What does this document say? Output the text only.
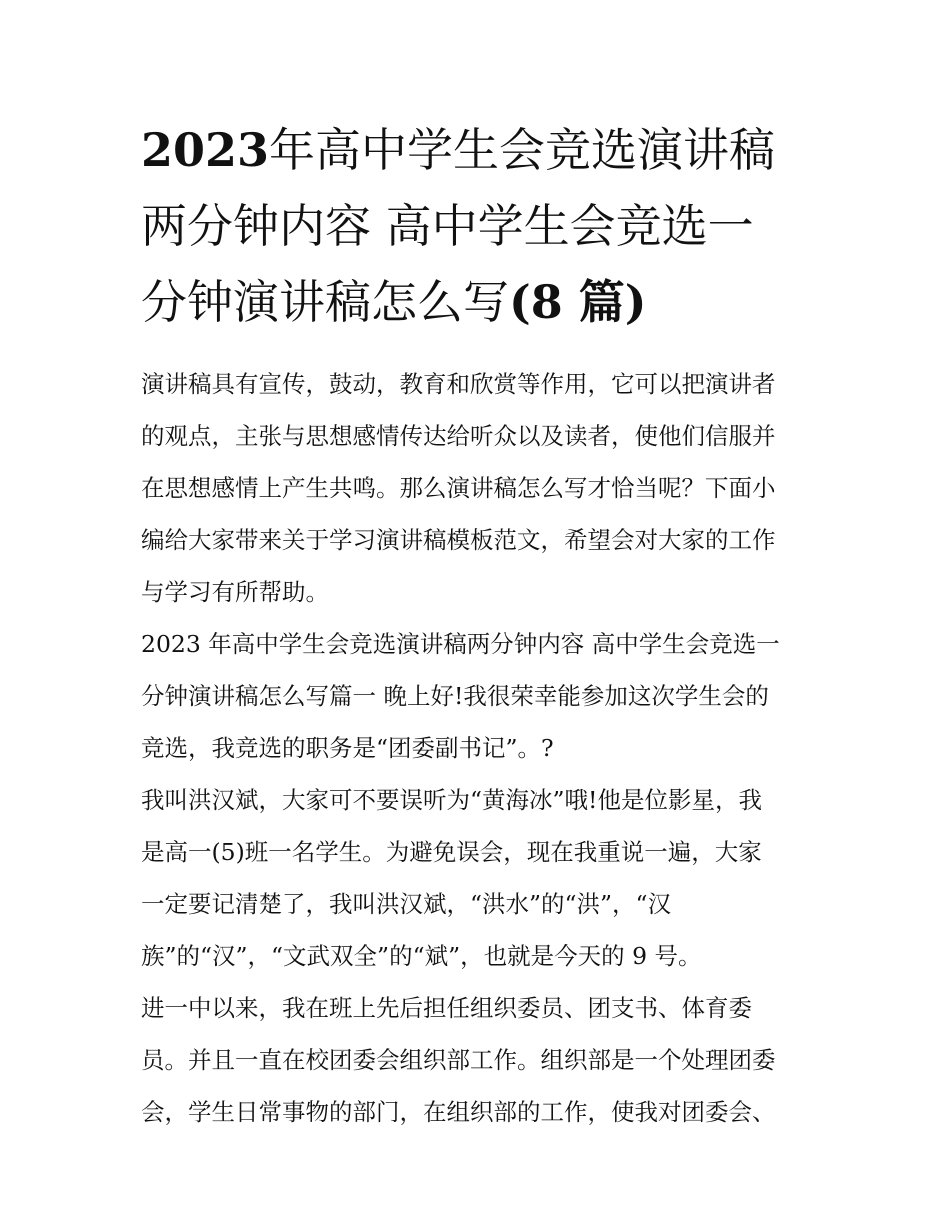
2023年高中学生会竞选演讲稿
两分钟内容 高中学生会竞选一
分钟演讲稿怎么写(8 篇)
演讲稿具有宣传，鼓动，教育和欣赏等作用，它可以把演讲者
的观点，主张与思想感情传达给听众以及读者，使他们信服并
在思想感情上产生共鸣。那么演讲稿怎么写才恰当呢？下面小
编给大家带来关于学习演讲稿模板范文，希望会对大家的工作
与学习有所帮助。
2023 年高中学生会竞选演讲稿两分钟内容 高中学生会竞选一
分钟演讲稿怎么写篇一 晚上好!我很荣幸能参加这次学生会的
竞选，我竞选的职务是“团委副书记”。?
我叫洪汉斌，大家可不要误听为“黄海冰”哦!他是位影星，我
是高一(5)班一名学生。为避免误会，现在我重说一遍，大家
一定要记清楚了，我叫洪汉斌，“洪水”的“洪”，“汉
族”的“汉”，“文武双全”的“斌”，也就是今天的 9 号。
进一中以来，我在班上先后担任组织委员、团支书、体育委
员。并且一直在校团委会组织部工作。组织部是一个处理团委
会，学生日常事物的部门，在组织部的工作，使我对团委会、
